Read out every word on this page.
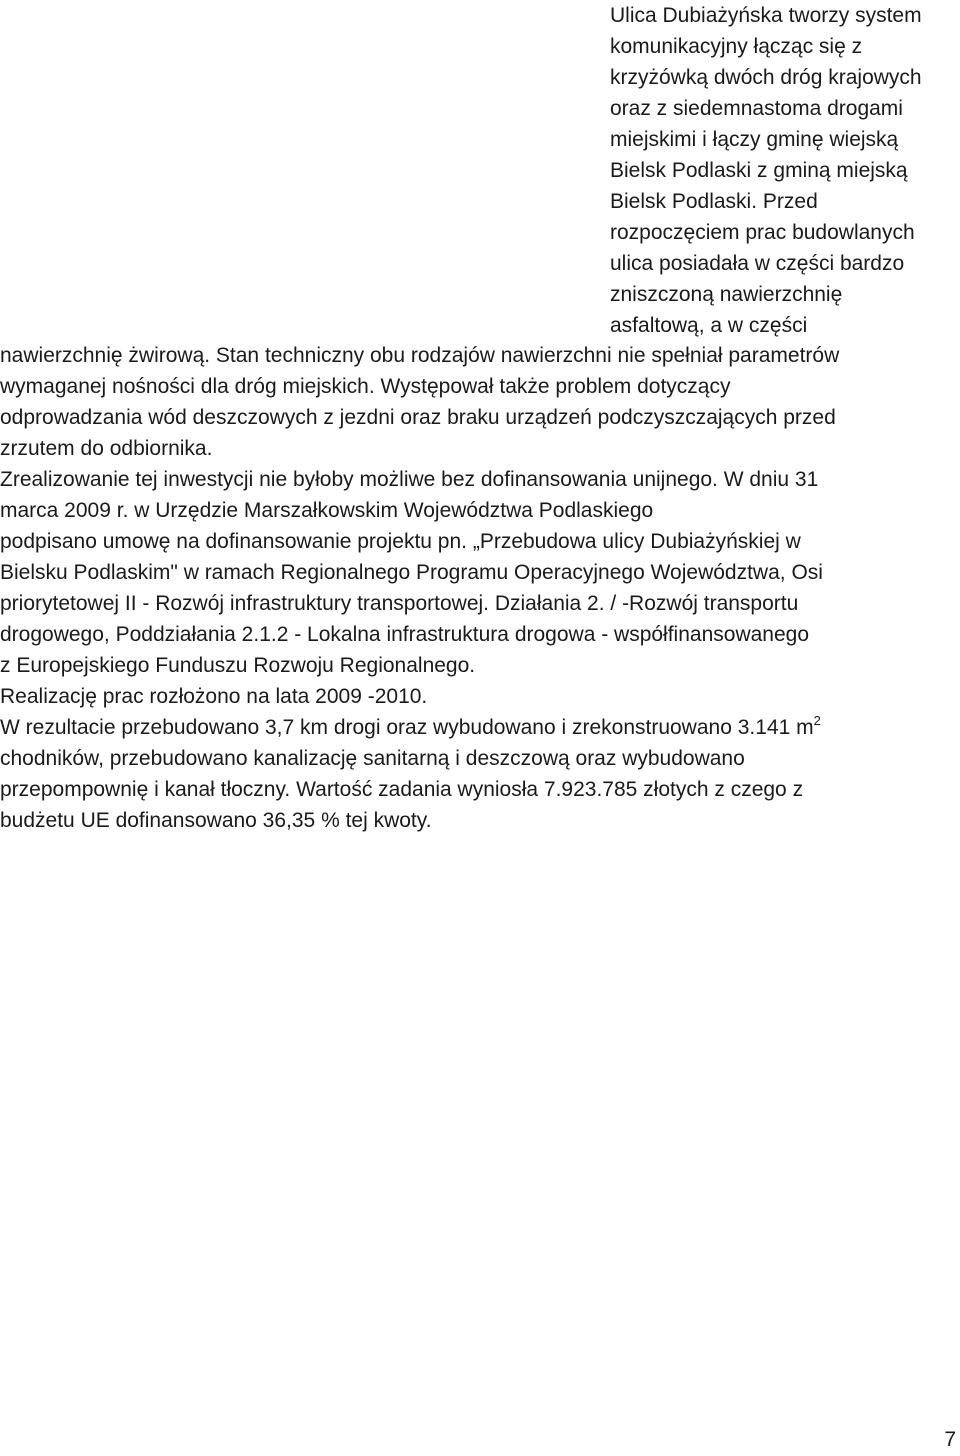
Ulica Dubiażyńska tworzy system
komunikacyjny łącząc się z
krzyżówką dwóch dróg krajowych
oraz z siedemnastoma drogami
miejskimi i łączy gminę wiejską
Bielsk Podlaski z gminą miejską
Bielsk Podlaski. Przed
rozpoczęciem prac budowlanych
ulica posiadała w części bardzo
zniszczoną nawierzchnię
asfaltową, a w części
nawierzchnię żwirową. Stan techniczny obu rodzajów nawierzchni nie spełniał parametrów
wymaganej nośności dla dróg miejskich. Występował także problem dotyczący
odprowadzania wód deszczowych z jezdni oraz braku urządzeń podczyszczających przed
zrzutem do odbiornika.
Zrealizowanie tej inwestycji nie byłoby możliwe bez dofinansowania unijnego. W dniu 31
marca 2009 r. w Urzędzie Marszałkowskim Województwa Podlaskiego
podpisano umowę na dofinansowanie projektu pn. „Przebudowa ulicy Dubiażyńskiej w
Bielsku Podlaskim" w ramach Regionalnego Programu Operacyjnego Województwa, Osi
priorytetowej II - Rozwój infrastruktury transportowej. Działania 2. / -Rozwój transportu
drogowego, Poddziałania 2.1.2 - Lokalna infrastruktura drogowa - współfinansowanego
z Europejskiego Funduszu Rozwoju Regionalnego.
Realizację prac rozłożono na lata 2009 -2010.
W rezultacie przebudowano 3,7 km drogi oraz wybudowano i zrekonstruowano 3.141 $m^2$
chodników, przebudowano kanalizację sanitarną i deszczową oraz wybudowano
przepompownię i kanał tłoczny. Wartość zadania wyniosła 7.923.785 złotych z czego z
budżetu UE dofinansowano 36,35 % tej kwoty.
7
